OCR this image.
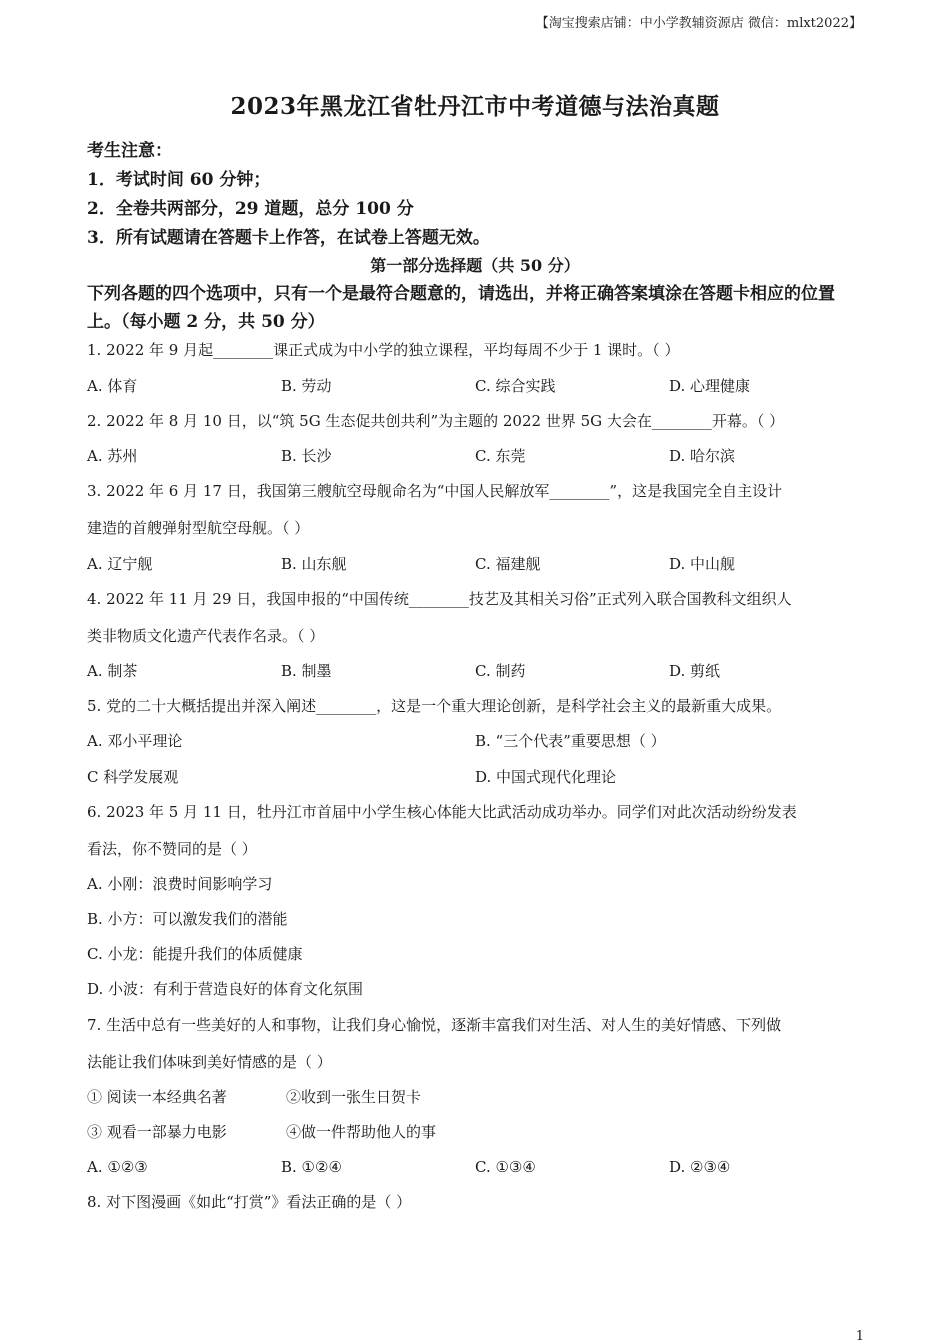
【淘宝搜索店铺：中小学教辅资源店 微信：mlxt2022】
2023年黑龙江省牡丹江市中考道德与法治真题
考生注意：
1．考试时间 60 分钟；
2．全卷共两部分，29 道题，总分 100 分
3．所有试题请在答题卡上作答，在试卷上答题无效。
第一部分选择题（共 50 分）
下列各题的四个选项中，只有一个是最符合题意的，请选出，并将正确答案填涂在答题卡相应的位置上。（每小题 2 分，共 50 分）
1. 2022 年 9 月起________课正式成为中小学的独立课程，平均每周不少于 1 课时。（ ）
A. 体育	B. 劳动	C. 综合实践	D. 心理健康
2. 2022 年 8 月 10 日，以“筑 5G 生态促共创共利”为主题的 2022 世界 5G 大会在________开幕。（ ）
A. 苏州	B. 长沙	C. 东莞	D. 哈尔滨
3. 2022 年 6 月 17 日，我国第三艘航空母舰命名为“中国人民解放军________”，这是我国完全自主设计
建造的首艘弹射型航空母舰。（ ）
A. 辽宁舰	B. 山东舰	C. 福建舰	D. 中山舰
4. 2022 年 11 月 29 日，我国申报的“中国传统________技艺及其相关习俗”正式列入联合国教科文组织人
类非物质文化遗产代表作名录。（ ）
A. 制茶	B. 制墨	C. 制药	D. 剪纸
5. 党的二十大概括提出并深入阐述________，这是一个重大理论创新，是科学社会主义的最新重大成果。
A. 邓小平理论	B. “三个代表”重要思想（ ）
C 科学发展观	D. 中国式现代化理论
6. 2023 年 5 月 11 日，牡丹江市首届中小学生核心体能大比武活动成功举办。同学们对此次活动纷纷发表
看法，你不赞同的是（ ）
A. 小刚：浪费时间影响学习
B. 小方：可以激发我们的潜能
C. 小龙：能提升我们的体质健康
D. 小波：有利于营造良好的体育文化氛围
7. 生活中总有一些美好的人和事物，让我们身心愉悦，逐渐丰富我们对生活、对人生的美好情感、下列做
法能让我们体味到美好情感的是（ ）
① 阅读一本经典名著	②收到一张生日贺卡
③ 观看一部暴力电影	④做一件帮助他人的事
A. ①②③	B. ①②④	C. ①③④	D. ②③④
8. 对下图漫画《如此“打赏”》看法正确的是（ ）
1
